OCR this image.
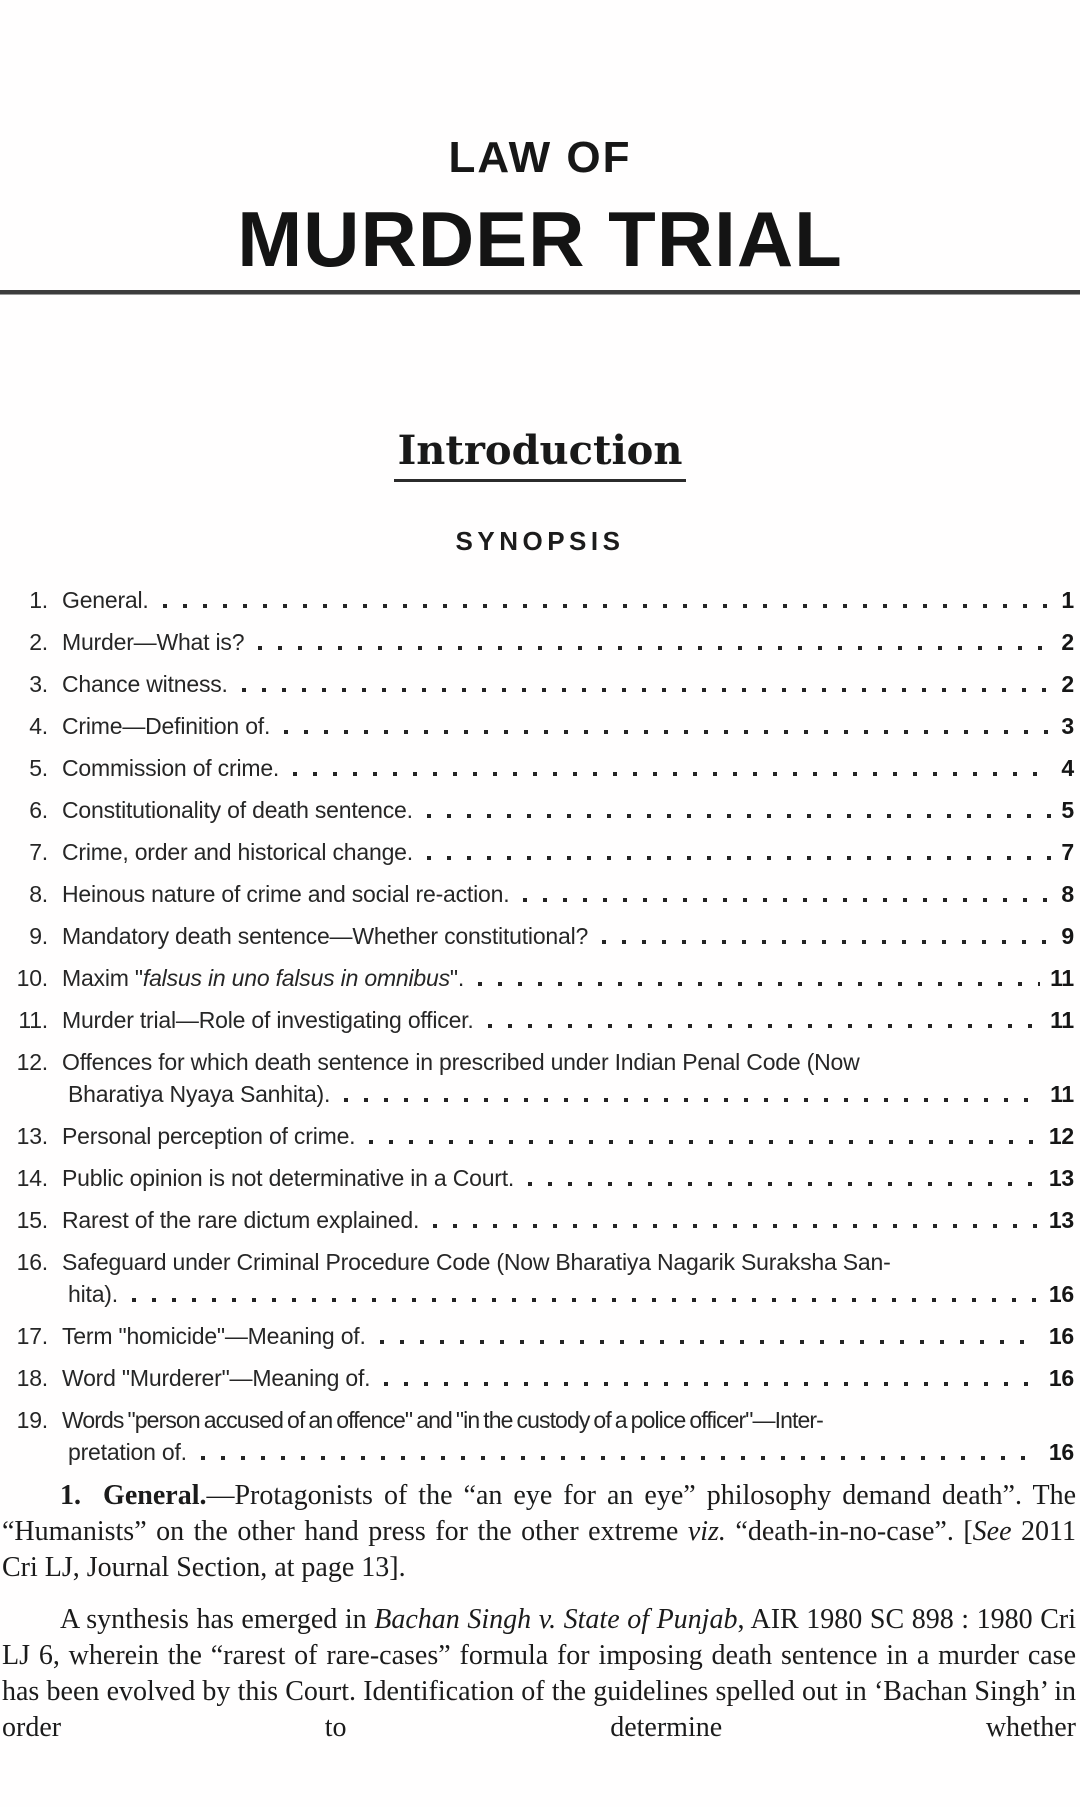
LAW OF
MURDER TRIAL
Introduction
SYNOPSIS
1. General.	1
2. Murder—What is?	2
3. Chance witness.	2
4. Crime—Definition of.	3
5. Commission of crime.	4
6. Constitutionality of death sentence.	5
7. Crime, order and historical change.	7
8. Heinous nature of crime and social re-action.	8
9. Mandatory death sentence—Whether constitutional?	9
10. Maxim "falsus in uno falsus in omnibus".	11
11. Murder trial—Role of investigating officer.	11
12. Offences for which death sentence in prescribed under Indian Penal Code (Now
Bharatiya Nyaya Sanhita).	11
13. Personal perception of crime.	12
14. Public opinion is not determinative in a Court.	13
15. Rarest of the rare dictum explained.	13
16. Safeguard under Criminal Procedure Code (Now Bharatiya Nagarik Suraksha San-
hita).	16
17. Term "homicide"—Meaning of.	16
18. Word "Murderer"—Meaning of.	16
19. Words "person accused of an offence" and "in the custody of a police officer"—Inter-
pretation of.	16

1.  General.—Protagonists of the “an eye for an eye” philosophy demand death”. The “Humanists” on the other hand press for the other extreme viz. “death-in-no-case”. [See 2011 Cri LJ, Journal Section, at page 13].

A synthesis has emerged in Bachan Singh v. State of Punjab, AIR 1980 SC 898 : 1980 Cri LJ 6, wherein the “rarest of rare-cases” formula for imposing death sentence in a murder case has been evolved by this Court. Identification of the guidelines spelled out in ‘Bachan Singh’ in order to determine whether
